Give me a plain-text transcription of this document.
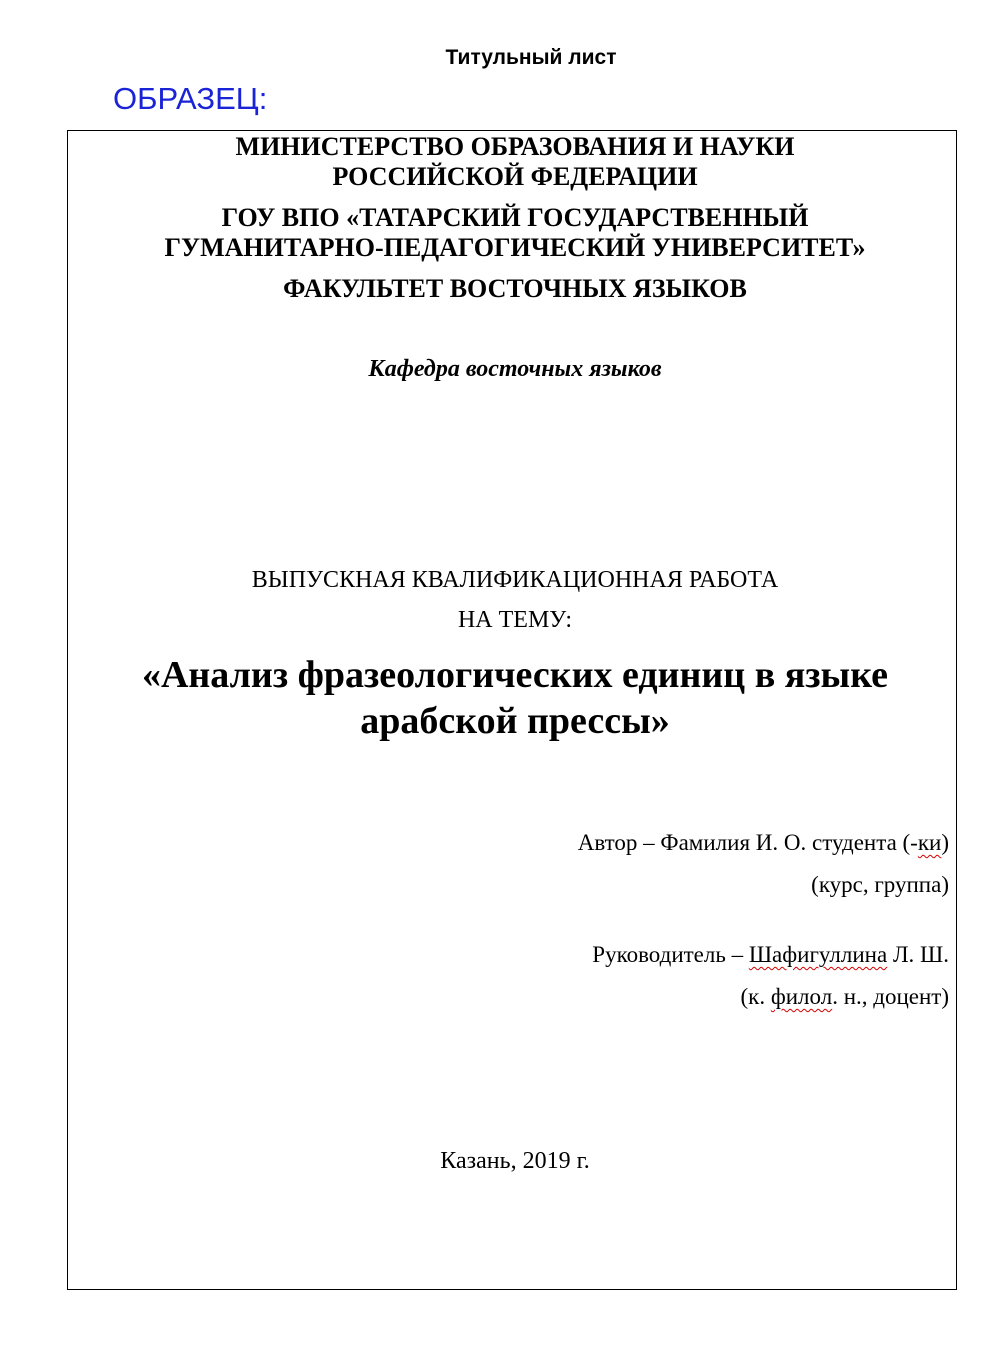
Титульный лист
ОБРАЗЕЦ:
МИНИСТЕРСТВО ОБРАЗОВАНИЯ И НАУКИ
РОССИЙСКОЙ ФЕДЕРАЦИИ
ГОУ ВПО «ТАТАРСКИЙ ГОСУДАРСТВЕННЫЙ
ГУМАНИТАРНО-ПЕДАГОГИЧЕСКИЙ УНИВЕРСИТЕТ»
ФАКУЛЬТЕТ ВОСТОЧНЫХ ЯЗЫКОВ
Кафедра восточных языков
ВЫПУСКНАЯ КВАЛИФИКАЦИОННАЯ РАБОТА
НА ТЕМУ:
«Анализ фразеологических единиц в языке
арабской прессы»
Автор – Фамилия И. О. студента (-ки)
(курс, группа)
Руководитель – Шафигуллина Л. Ш.
(к. филол. н., доцент)
Казань, 2019 г.
